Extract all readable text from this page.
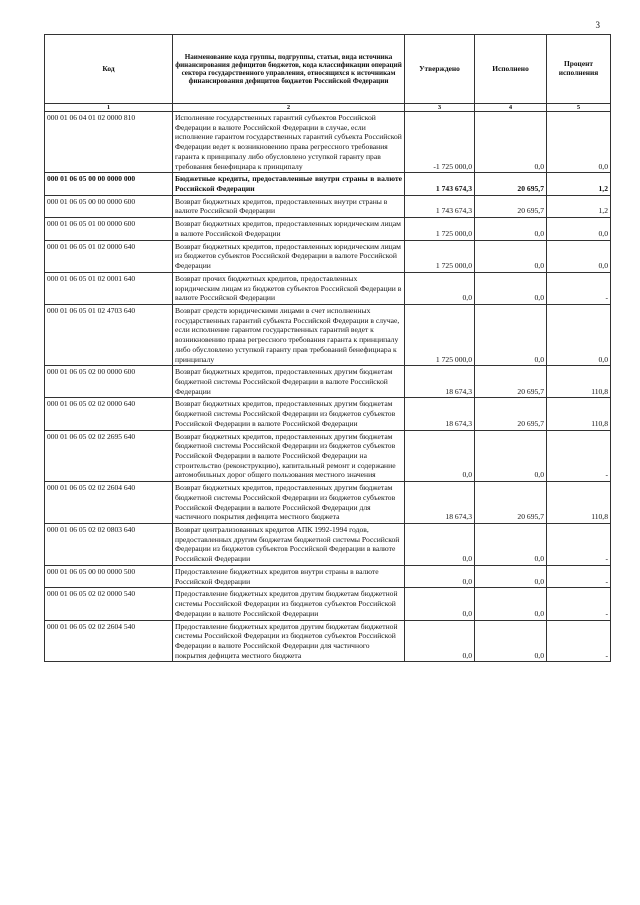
3
Код	Наименование кода группы, подгруппы, статьи, вида источника финансирования дефицитов бюджетов, кода классификации операций сектора государственного управления, относящихся к источникам финансирования дефицитов бюджетов Российской Федерации	Утверждено	Исполнено	Процент исполнения
1	2	3	4	5
000 01 06 04 01 02 0000 810	Исполнение государственных гарантий субъектов Российской Федерации в валюте Российской Федерации в случае, если исполнение гарантом государственных гарантий субъекта Российской Федерации ведет к возникновению права регрессного требования гаранта к принципалу либо обусловлено уступкой гаранту прав требования бенефициара к принципалу	-1 725 000,0	0,0	0,0
000 01 06 05 00 00 0000 000	Бюджетные кредиты, предоставленные внутри страны в валюте Российской Федерации	1 743 674,3	20 695,7	1,2
000 01 06 05 00 00 0000 600	Возврат бюджетных кредитов, предоставленных внутри страны в валюте Российской Федерации	1 743 674,3	20 695,7	1,2
000 01 06 05 01 00 0000 600	Возврат бюджетных кредитов, предоставленных юридическим лицам в валюте Российской Федерации	1 725 000,0	0,0	0,0
000 01 06 05 01 02 0000 640	Возврат бюджетных кредитов, предоставленных юридическим лицам из бюджетов субъектов Российской Федерации в валюте Российской Федерации	1 725 000,0	0,0	0,0
000 01 06 05 01 02 0001 640	Возврат прочих бюджетных кредитов, предоставленных юридическим лицам из бюджетов субъектов Российской Федерации в валюте Российской Федерации	0,0	0,0	-
000 01 06 05 01 02 4703 640	Возврат средств юридическими лицами в счет исполненных государственных гарантий субъекта Российской Федерации в случае, если исполнение гарантом государственных гарантий ведет к возникновению права регрессного требования гаранта к принципалу либо обусловлено уступкой гаранту прав требований бенефициара к принципалу	1 725 000,0	0,0	0,0
000 01 06 05 02 00 0000 600	Возврат бюджетных кредитов, предоставленных другим бюджетам бюджетной системы Российской Федерации в валюте Российской Федерации	18 674,3	20 695,7	110,8
000 01 06 05 02 02 0000 640	Возврат бюджетных кредитов, предоставленных другим бюджетам бюджетной системы Российской Федерации из бюджетов субъектов Российской Федерации в валюте Российской Федерации	18 674,3	20 695,7	110,8
000 01 06 05 02 02 2695 640	Возврат бюджетных кредитов, предоставленных другим бюджетам бюджетной системы Российской Федерации из бюджетов субъектов Российской Федерации в валюте Российской Федерации на строительство (реконструкцию), капитальный ремонт и содержание автомобильных дорог общего пользования местного значения	0,0	0,0	-
000 01 06 05 02 02 2604 640	Возврат бюджетных кредитов, предоставленных другим бюджетам бюджетной системы Российской Федерации из бюджетов субъектов Российской Федерации в валюте Российской Федерации для частичного покрытия дефицита местного бюджета	18 674,3	20 695,7	110,8
000 01 06 05 02 02 0803 640	Возврат централизованных кредитов АПК 1992-1994 годов, предоставленных другим бюджетам бюджетной системы Российской Федерации из бюджетов субъектов Российской Федерации в валюте Российской Федерации	0,0	0,0	-
000 01 06 05 00 00 0000 500	Предоставление бюджетных кредитов внутри страны в валюте Российской Федерации	0,0	0,0	-
000 01 06 05 02 02 0000 540	Предоставление бюджетных кредитов другим бюджетам бюджетной системы Российской Федерации из бюджетов субъектов Российской Федерации в валюте Российской Федерации	0,0	0,0	-
000 01 06 05 02 02 2604 540	Предоставление бюджетных кредитов другим бюджетам бюджетной системы Российской Федерации из бюджетов субъектов Российской Федерации в валюте Российской Федерации для частичного покрытия дефицита местного бюджета	0,0	0,0	-
